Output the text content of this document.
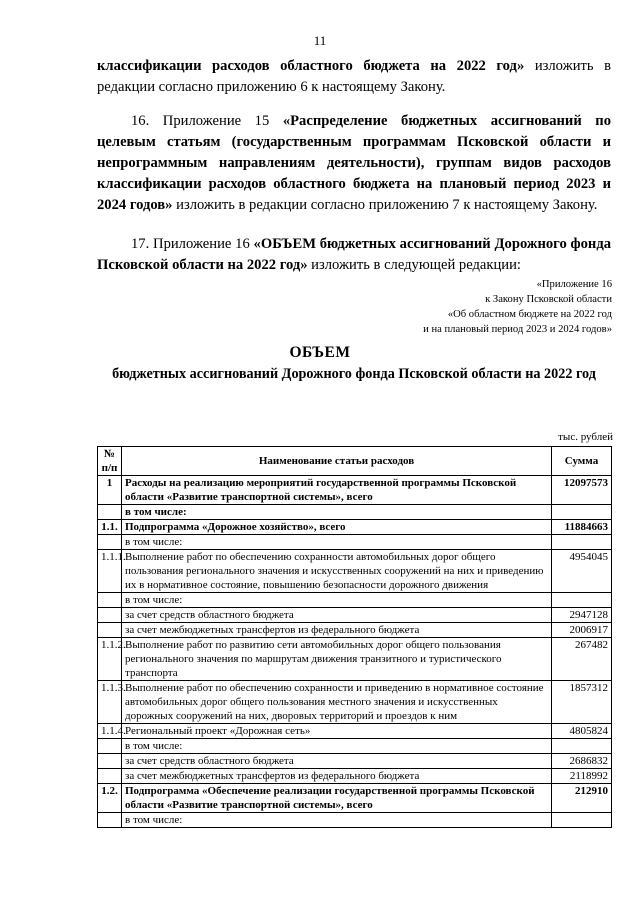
11
классификации расходов областного бюджета на 2022 год» изложить в редакции согласно приложению 6 к настоящему Закону.
16. Приложение 15 «Распределение бюджетных ассигнований по целевым статьям (государственным программам Псковской области и непрограммным направлениям деятельности), группам видов расходов классификации расходов областного бюджета на плановый период 2023 и 2024 годов» изложить в редакции согласно приложению 7 к настоящему Закону.
17. Приложение 16 «ОБЪЕМ бюджетных ассигнований Дорожного фонда Псковской области на 2022 год» изложить в следующей редакции:
«Приложение 16
к Закону Псковской области
«Об областном бюджете на 2022 год
и на плановый период 2023 и 2024 годов»
ОБЪЕМ
бюджетных ассигнований Дорожного фонда Псковской области на 2022 год
тыс. рублей
№ п/п	Наименование статьи расходов	Сумма
1	Расходы на реализацию мероприятий государственной программы Псковской области «Развитие транспортной системы», всего	12097573
	в том числе:	
1.1.	Подпрограмма «Дорожное хозяйство», всего	11884663
	в том числе:	
1.1.1.	Выполнение работ по обеспечению сохранности автомобильных дорог общего пользования регионального значения и искусственных сооружений на них и приведению их в нормативное состояние, повышению безопасности дорожного движения	4954045
	в том числе:	
	за счет средств областного бюджета	2947128
	за счет межбюджетных трансфертов из федерального бюджета	2006917
1.1.2.	Выполнение работ по развитию сети автомобильных дорог общего пользования регионального значения по маршрутам движения транзитного и туристического транспорта	267482
1.1.3.	Выполнение работ по обеспечению сохранности и приведению в нормативное состояние автомобильных дорог общего пользования местного значения и искусственных дорожных сооружений на них, дворовых территорий и проездов к ним	1857312
1.1.4.	Региональный проект «Дорожная сеть»	4805824
	в том числе:	
	за счет средств областного бюджета	2686832
	за счет межбюджетных трансфертов из федерального бюджета	2118992
1.2.	Подпрограмма «Обеспечение реализации государственной программы Псковской области «Развитие транспортной системы», всего	212910
	в том числе:	
